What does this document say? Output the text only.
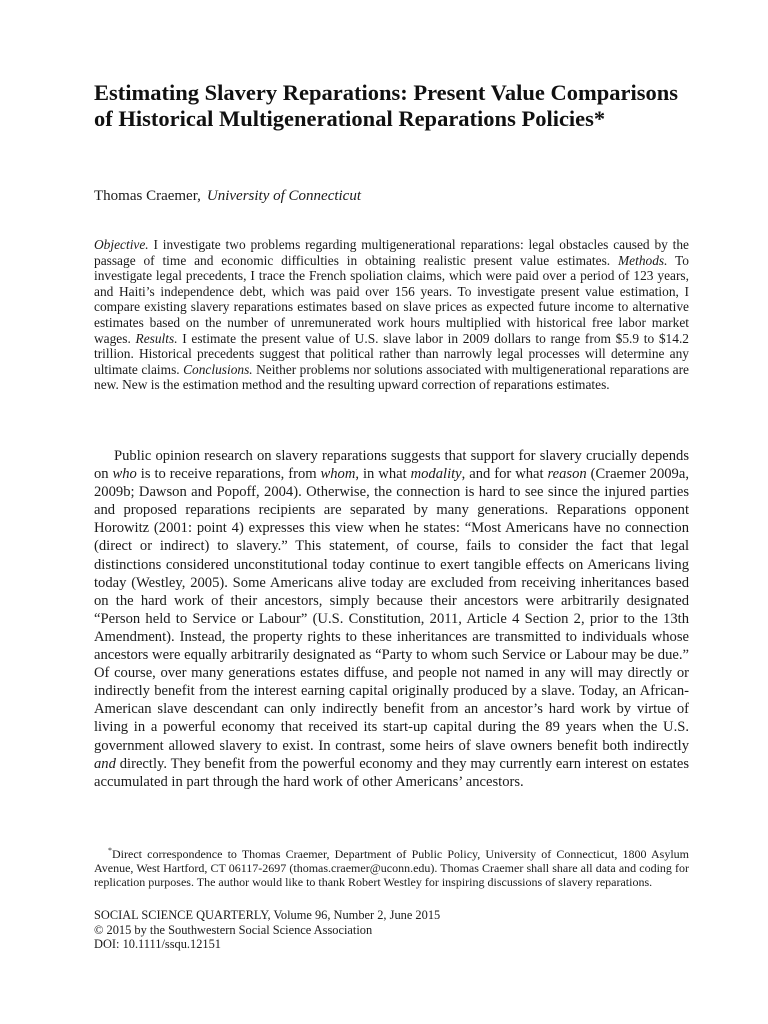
Estimating Slavery Reparations: Present Value Comparisons of Historical Multigenerational Reparations Policies*

Thomas Craemer, University of Connecticut

Objective. I investigate two problems regarding multigenerational reparations: legal obstacles caused by the passage of time and economic difficulties in obtaining realistic present value estimates. Methods. To investigate legal precedents, I trace the French spoliation claims, which were paid over a period of 123 years, and Haiti’s independence debt, which was paid over 156 years. To investigate present value estimation, I compare existing slavery reparations estimates based on slave prices as expected future income to alternative estimates based on the number of unremunerated work hours multiplied with historical free labor market wages. Results. I estimate the present value of U.S. slave labor in 2009 dollars to range from $5.9 to $14.2 trillion. Historical precedents suggest that political rather than narrowly legal processes will determine any ultimate claims. Conclusions. Neither problems nor solutions associated with multigenerational reparations are new. New is the estimation method and the resulting upward correction of reparations estimates.

Public opinion research on slavery reparations suggests that support for slavery crucially depends on who is to receive reparations, from whom, in what modality, and for what reason (Craemer 2009a, 2009b; Dawson and Popoff, 2004). Otherwise, the connection is hard to see since the injured parties and proposed reparations recipients are separated by many generations. Reparations opponent Horowitz (2001: point 4) expresses this view when he states: “Most Americans have no connection (direct or indirect) to slavery.” This statement, of course, fails to consider the fact that legal distinctions considered unconstitutional today continue to exert tangible effects on Americans living today (Westley, 2005). Some Americans alive today are excluded from receiving inheritances based on the hard work of their ancestors, simply because their ancestors were arbitrarily designated “Person held to Service or Labour” (U.S. Constitution, 2011, Article 4 Section 2, prior to the 13th Amendment). Instead, the property rights to these inheritances are transmitted to individuals whose ancestors were equally arbitrarily designated as “Party to whom such Service or Labour may be due.” Of course, over many generations estates diffuse, and people not named in any will may directly or indirectly benefit from the interest earning capital originally produced by a slave. Today, an African-American slave descendant can only indirectly benefit from an ancestor’s hard work by virtue of living in a powerful economy that received its start-up capital during the 89 years when the U.S. government allowed slavery to exist. In contrast, some heirs of slave owners benefit both indirectly and directly. They benefit from the powerful economy and they may currently earn interest on estates accumulated in part through the hard work of other Americans’ ancestors.

*Direct correspondence to Thomas Craemer, Department of Public Policy, University of Connecticut, 1800 Asylum Avenue, West Hartford, CT 06117-2697 (thomas.craemer@uconn.edu). Thomas Craemer shall share all data and coding for replication purposes. The author would like to thank Robert Westley for inspiring discussions of slavery reparations.

SOCIAL SCIENCE QUARTERLY, Volume 96, Number 2, June 2015
© 2015 by the Southwestern Social Science Association
DOI: 10.1111/ssqu.12151
